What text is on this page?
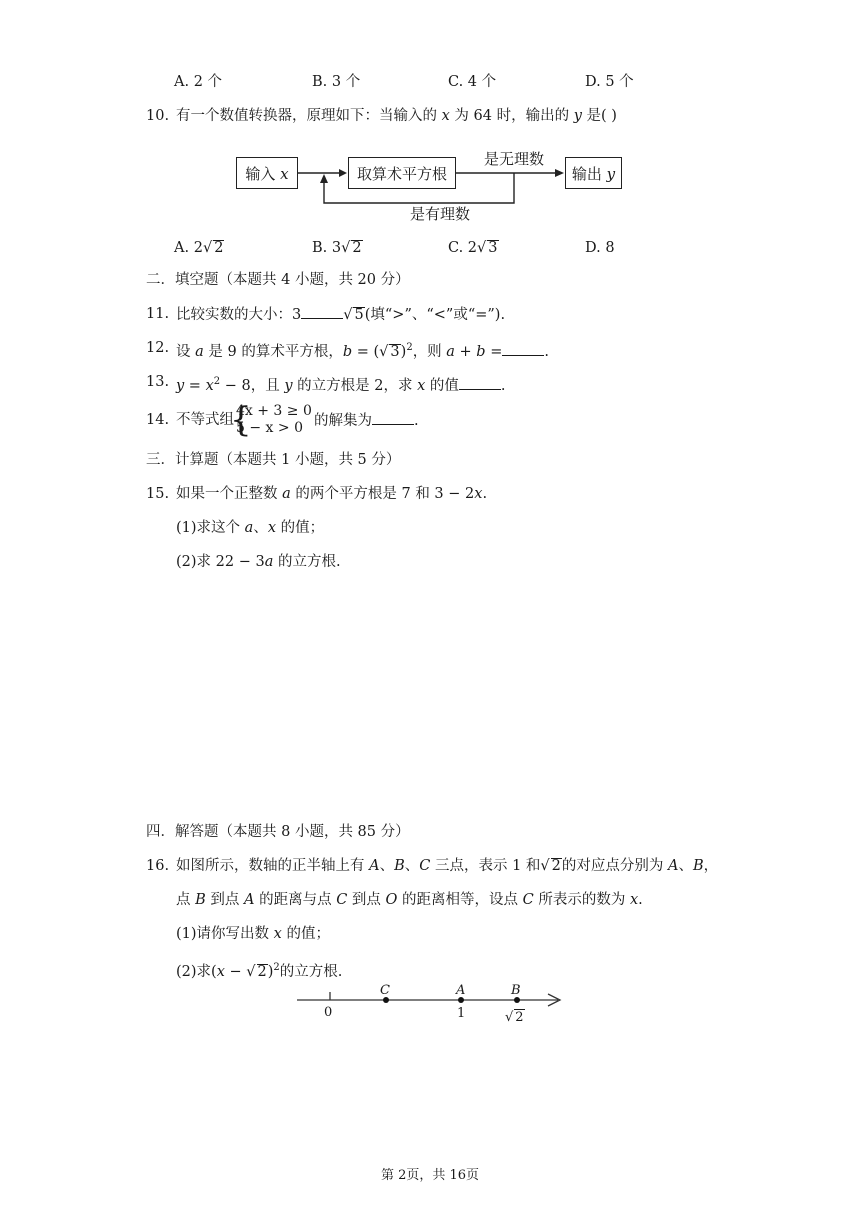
A. 2 个	B. 3 个	C. 4 个	D. 5 个
10. 有一个数值转换器，原理如下：当输入的 x 为 64 时，输出的 y 是( )
输入 x	取算术平方根	输出 y
是无理数
是有理数
A. 2√ 2	B. 3√ 2	C. 2√ 3	D. 8
二．填空题（本题共 4 小题，共 20 分）
11. 比较实数的大小：3	√ 5(填“>”、“<”或“=”).
12. 设 a 是 9 的算术平方根，b = (√ 3)$^2$，则 a + b =	.
13. $y = x^2 - 8$，且 y 的立方根是 2，求 x 的值	.
14. 不等式组
{
4x + 3 ≥ 0
5 − x > 0 的解集为	.
三．计算题（本题共 1 小题，共 5 分）
15. 如果一个正整数 a 的两个平方根是 7 和 3 − 2x.
(1)求这个 a、x 的值；
(2)求 22 − 3a 的立方根.
四．解答题（本题共 8 小题，共 85 分）
16. 如图所示，数轴的正半轴上有 A、B、C 三点，表示 1 和√ 2的对应点分别为 A、B，
点 B 到点 A 的距离与点 C 到点 O 的距离相等，设点 C 所表示的数为 x.
(1)请你写出数 x 的值；
(2)求(x − √ 2)$^2$的立方根.
0
C	A
1
B
√ 2
第 2页，共 16页
